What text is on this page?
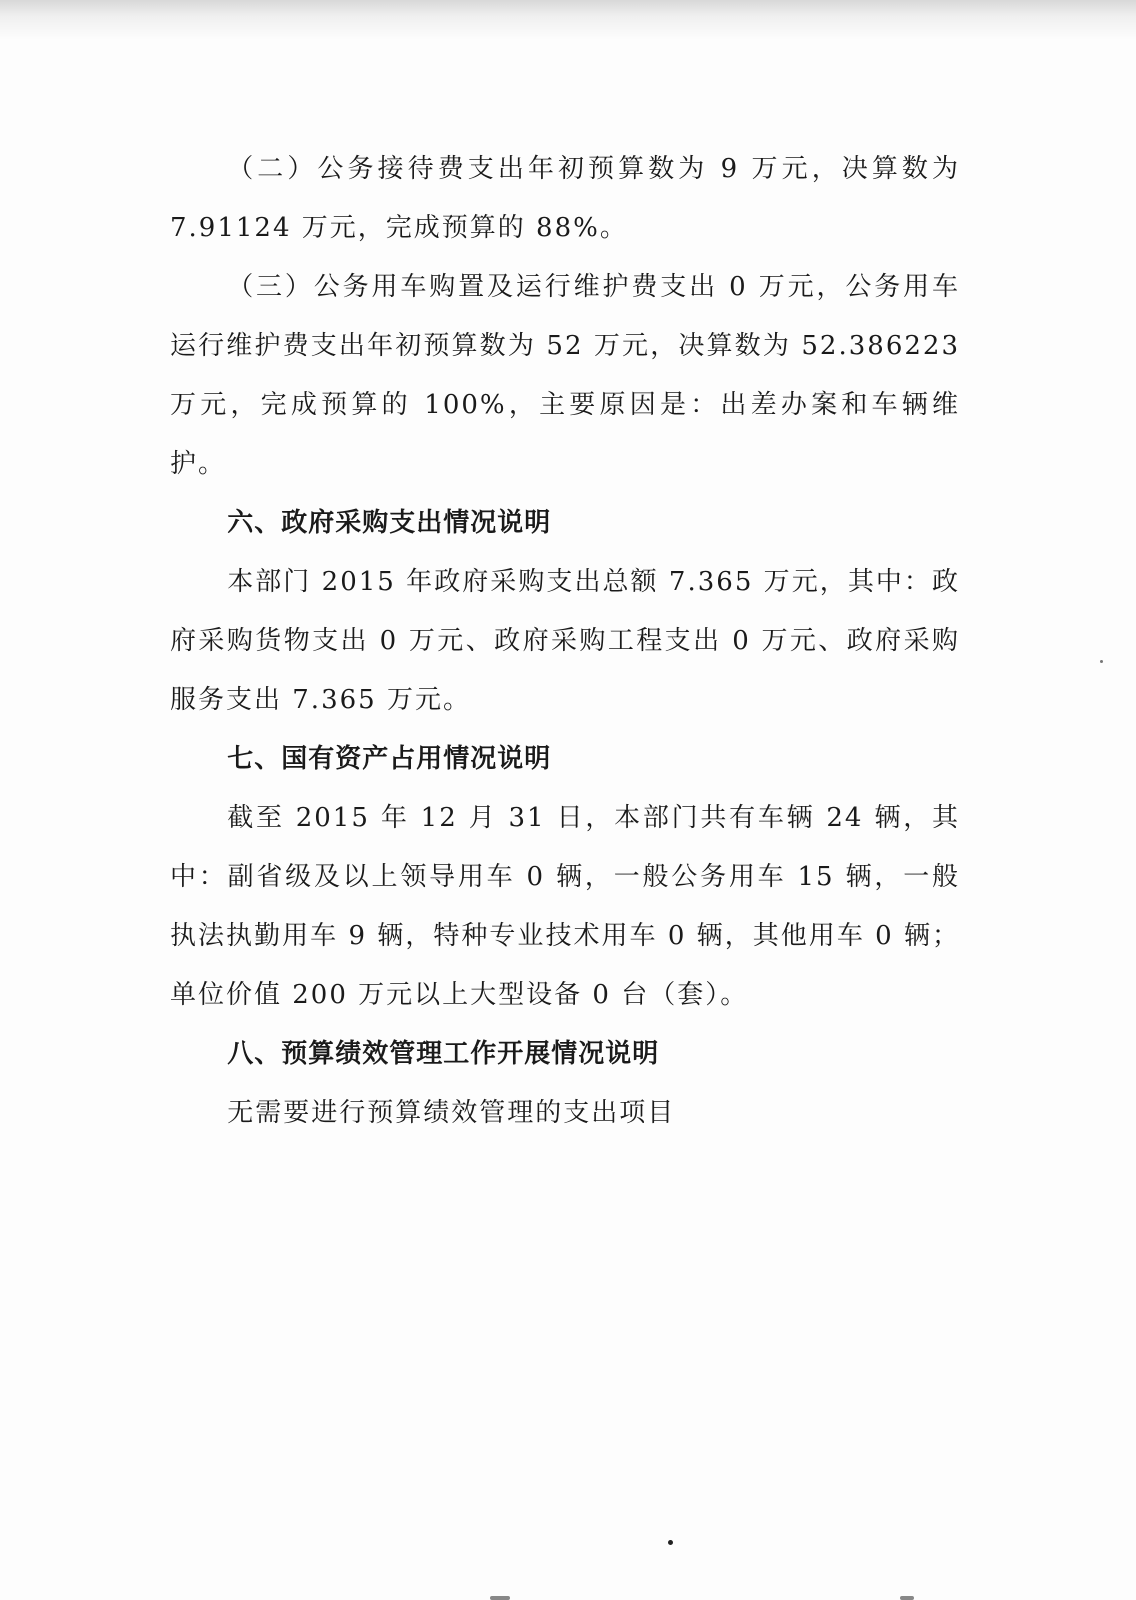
（二）公务接待费支出年初预算数为 9 万元，决算数为 7.91124 万元，完成预算的 88%。

（三）公务用车购置及运行维护费支出 0 万元，公务用车运行维护费支出年初预算数为 52 万元，决算数为 52.386223 万元，完成预算的 100%，主要原因是：出差办案和车辆维护。

六、政府采购支出情况说明

本部门 2015 年政府采购支出总额 7.365 万元，其中：政府采购货物支出 0 万元、政府采购工程支出 0 万元、政府采购服务支出 7.365 万元。

七、国有资产占用情况说明

截至 2015 年 12 月 31 日，本部门共有车辆 24 辆，其中：副省级及以上领导用车 0 辆，一般公务用车 15 辆，一般执法执勤用车 9 辆，特种专业技术用车 0 辆，其他用车 0 辆；单位价值 200 万元以上大型设备 0 台（套）。

八、预算绩效管理工作开展情况说明

无需要进行预算绩效管理的支出项目
